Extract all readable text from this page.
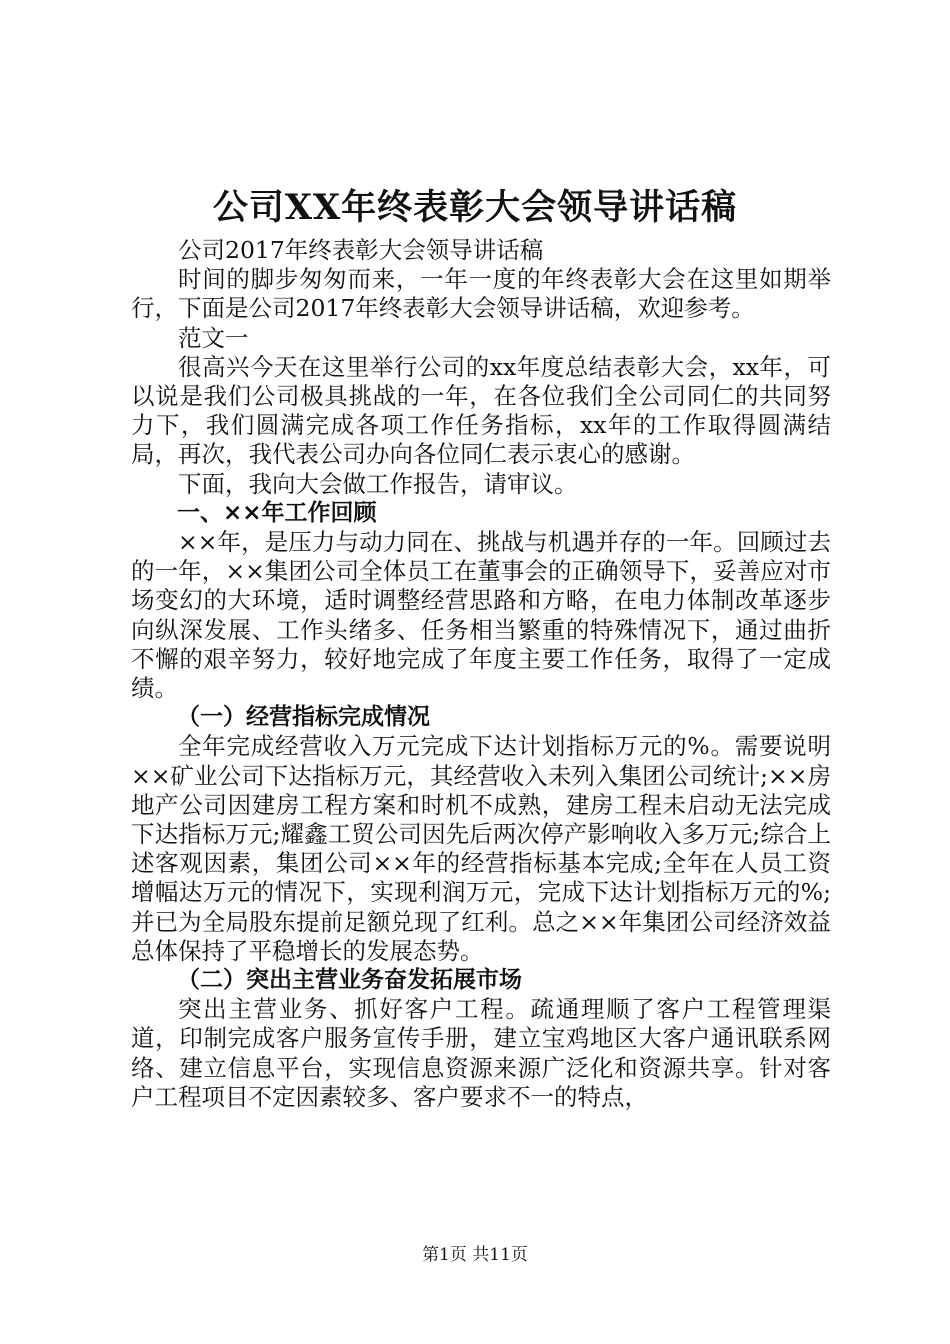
公司XX年终表彰大会领导讲话稿

公司2017年终表彰大会领导讲话稿

时间的脚步匆匆而来，一年一度的年终表彰大会在这里如期举行，下面是公司2017年终表彰大会领导讲话稿，欢迎参考。

范文一

很高兴今天在这里举行公司的xx年度总结表彰大会，xx年，可以说是我们公司极具挑战的一年，在各位我们全公司同仁的共同努力下，我们圆满完成各项工作任务指标，xx年的工作取得圆满结局，再次，我代表公司办向各位同仁表示衷心的感谢。

下面，我向大会做工作报告，请审议。

一、××年工作回顾

××年，是压力与动力同在、挑战与机遇并存的一年。回顾过去的一年，××集团公司全体员工在董事会的正确领导下，妥善应对市场变幻的大环境，适时调整经营思路和方略，在电力体制改革逐步向纵深发展、工作头绪多、任务相当繁重的特殊情况下，通过曲折不懈的艰辛努力，较好地完成了年度主要工作任务，取得了一定成绩。

（一）经营指标完成情况

全年完成经营收入万元完成下达计划指标万元的%。需要说明××矿业公司下达指标万元，其经营收入未列入集团公司统计;××房地产公司因建房工程方案和时机不成熟，建房工程未启动无法完成下达指标万元;耀鑫工贸公司因先后两次停产影响收入多万元;综合上述客观因素，集团公司××年的经营指标基本完成;全年在人员工资增幅达万元的情况下，实现利润万元，完成下达计划指标万元的%;并已为全局股东提前足额兑现了红利。总之××年集团公司经济效益总体保持了平稳增长的发展态势。

（二）突出主营业务奋发拓展市场

突出主营业务、抓好客户工程。疏通理顺了客户工程管理渠道，印制完成客户服务宣传手册，建立宝鸡地区大客户通讯联系网络、建立信息平台，实现信息资源来源广泛化和资源共享。针对客户工程项目不定因素较多、客户要求不一的特点，

第1页 共11页
